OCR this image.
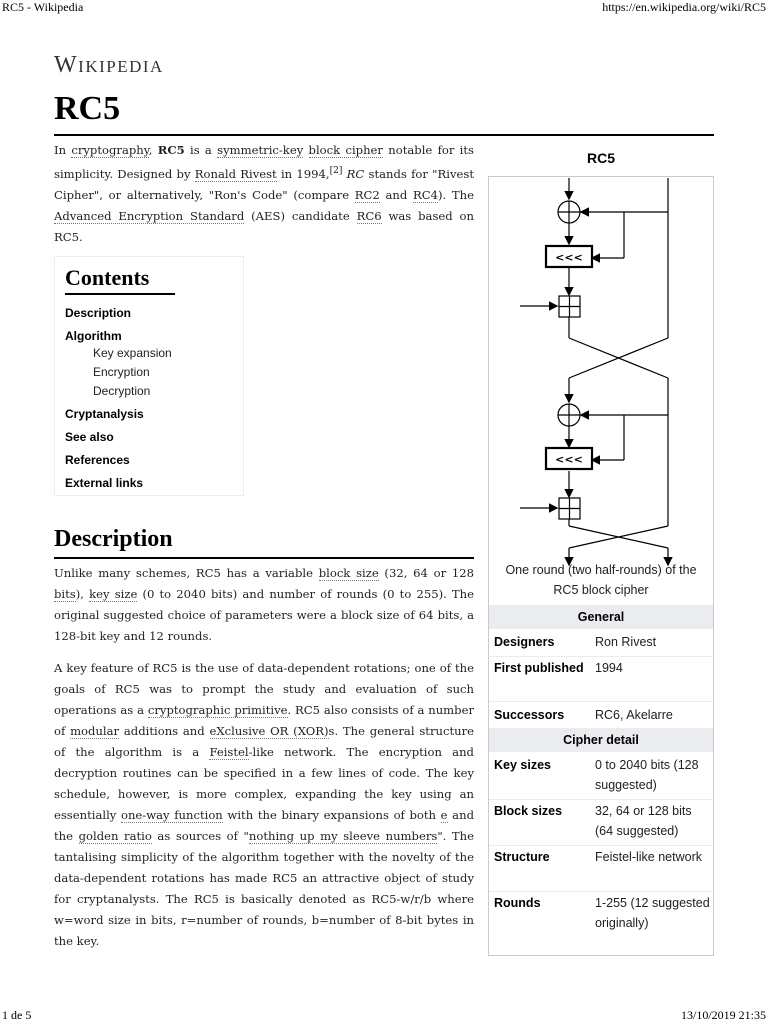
RC5 - Wikipedia	https://en.wikipedia.org/wiki/RC5
1 de 5	13/10/2019 21:35
Wikipedia
RC5
In cryptography, RC5 is a symmetric-key block cipher notable for its simplicity. Designed by Ronald Rivest in 1994,[2] RC stands for "Rivest Cipher", or alternatively, "Ron's Code" (compare RC2 and RC4). The Advanced Encryption Standard (AES) candidate RC6 was based on RC5.
Contents
Description
Algorithm
Key expansion
Encryption
Decryption
Cryptanalysis
See also
References
External links
Description
Unlike many schemes, RC5 has a variable block size (32, 64 or 128 bits), key size (0 to 2040 bits) and number of rounds (0 to 255). The original suggested choice of parameters were a block size of 64 bits, a 128-bit key and 12 rounds.
A key feature of RC5 is the use of data-dependent rotations; one of the goals of RC5 was to prompt the study and evaluation of such operations as a cryptographic primitive. RC5 also consists of a number of modular additions and eXclusive OR (XOR)s. The general structure of the algorithm is a Feistel-like network. The encryption and decryption routines can be specified in a few lines of code. The key schedule, however, is more complex, expanding the key using an essentially one-way function with the binary expansions of both e and the golden ratio as sources of "nothing up my sleeve numbers". The tantalising simplicity of the algorithm together with the novelty of the data-dependent rotations has made RC5 an attractive object of study for cryptanalysts. The RC5 is basically denoted as RC5-w/r/b where w=word size in bits, r=number of rounds, b=number of 8-bit bytes in the key.
RC5
<<<
<<<
One round (two half-rounds) of the RC5 block cipher
General
Designers	Ron Rivest
First published 1994
Successors	RC6, Akelarre
Cipher detail
Key sizes	0 to 2040 bits (128 suggested)
Block sizes	32, 64 or 128 bits (64 suggested)
Structure	Feistel-like network
Rounds	1-255 (12 suggested originally)
